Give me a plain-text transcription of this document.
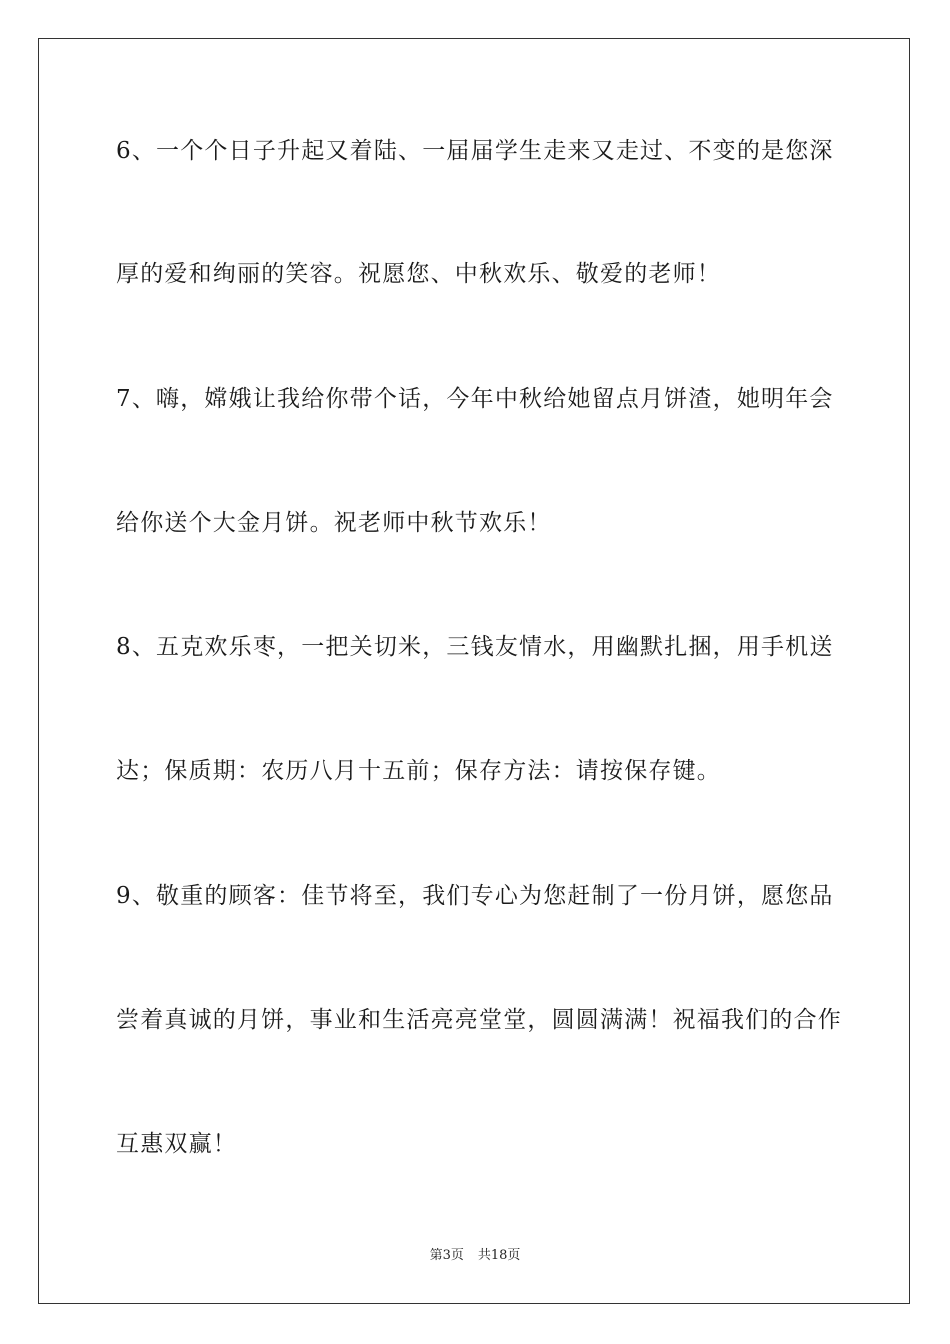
6、一个个日子升起又着陆、一届届学生走来又走过、不变的是您深
厚的爱和绚丽的笑容。祝愿您、中秋欢乐、敬爱的老师！
7、嗨，嫦娥让我给你带个话，今年中秋给她留点月饼渣，她明年会
给你送个大金月饼。祝老师中秋节欢乐！
8、五克欢乐枣，一把关切米，三钱友情水，用幽默扎捆，用手机送
达；保质期：农历八月十五前；保存方法：请按保存键。
9、敬重的顾客：佳节将至，我们专心为您赶制了一份月饼，愿您品
尝着真诚的月饼，事业和生活亮亮堂堂，圆圆满满！祝福我们的合作
互惠双赢！
第3页 共18页
